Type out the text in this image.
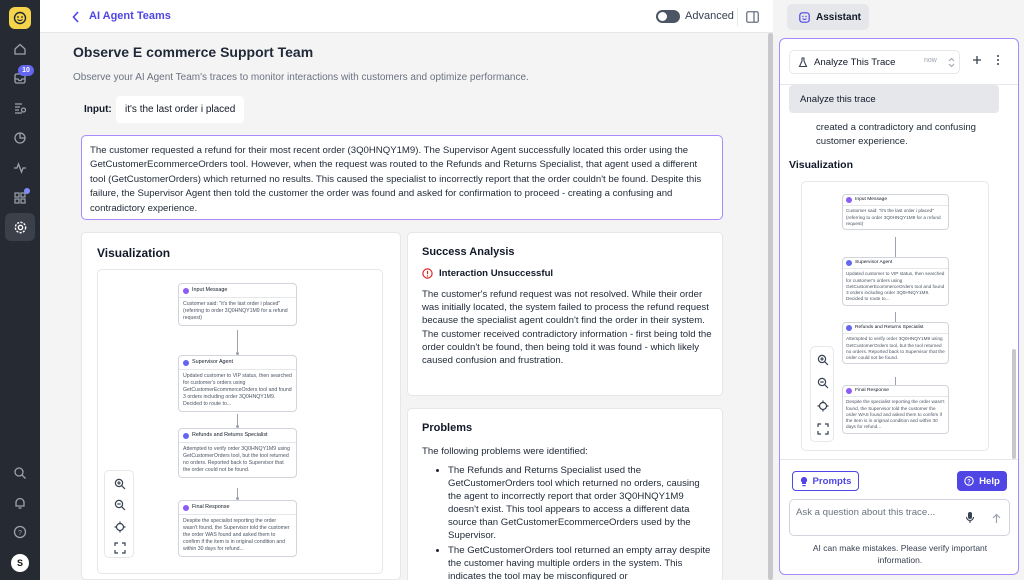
10
?
S
AI Agent Teams	Advanced
Observe E commerce Support Team
Observe your AI Agent Team's traces to monitor interactions with customers and optimize performance.
Input:	it's the last order i placed
The customer requested a refund for their most recent order (3Q0HNQY1M9). The Supervisor Agent successfully located this order using the GetCustomerEcommerceOrders tool. However, when the request was routed to the Refunds and Returns Specialist, that agent used a different tool (GetCustomerOrders) which returned no results. This caused the specialist to incorrectly report that the order couldn't be found. Despite this failure, the Supervisor Agent then told the customer the order was found and asked for confirmation to proceed - creating a confusing and contradictory experience.
Visualization
Input Message
Customer said: "it's the last order i placed" (referring to order 3Q0HNQY1M9 for a refund request)
Supervisor Agent
Updated customer to VIP status, then searched for customer's orders using GetCustomerEcommerceOrders tool and found 3 orders including order 3Q0HNQY1M9. Decided to route to...
Refunds and Returns Specialist
Attempted to verify order 3Q0HNQY1M9 using GetCustomerOrders tool, but the tool returned no orders. Reported back to Supervisor that the order could not be found.
Final Response
Despite the specialist reporting the order wasn't found, the Supervisor told the customer the order WAS found and asked them to confirm if the item is in original condition and within 30 days for refund...
Success Analysis
Interaction Unsuccessful
The customer's refund request was not resolved. While their order was initially located, the system failed to process the refund request because the specialist agent couldn't find the order in their system. The customer received contradictory information - first being told the order couldn't be found, then being told it was found - which likely caused confusion and frustration.
Problems
The following problems were identified:
• The Refunds and Returns Specialist used the GetCustomerOrders tool which returned no orders, causing the agent to incorrectly report that order 3Q0HNQY1M9 doesn't exist. This tool appears to access a different data source than GetCustomerEcommerceOrders used by the Supervisor.
• The GetCustomerOrders tool returned an empty array despite the customer having multiple orders in the system. This indicates the tool may be misconfigured or
Assistant
Analyze This Trace	now
Analyze this trace
created a contradictory and confusing customer experience.
Visualization
Input Message
Customer said: "it's the last order i placed" (referring to order 3Q0HNQY1M9 for a refund request)
Supervisor Agent
Updated customer to VIP status, then searched for customer's orders using GetCustomerEcommerceOrders tool and found 3 orders including order 3Q0HNQY1M9. Decided to route to...
Refunds and Returns Specialist
Attempted to verify order 3Q0HNQY1M9 using GetCustomerOrders tool, but the tool returned no orders. Reported back to Supervisor that the order could not be found.
Final Response
Despite the specialist reporting the order wasn't found, the Supervisor told the customer the order WAS found and asked them to confirm if the item is in original condition and within 30 days for refund...
Prompts	? Help
Ask a question about this trace...
AI can make mistakes. Please verify important information.
